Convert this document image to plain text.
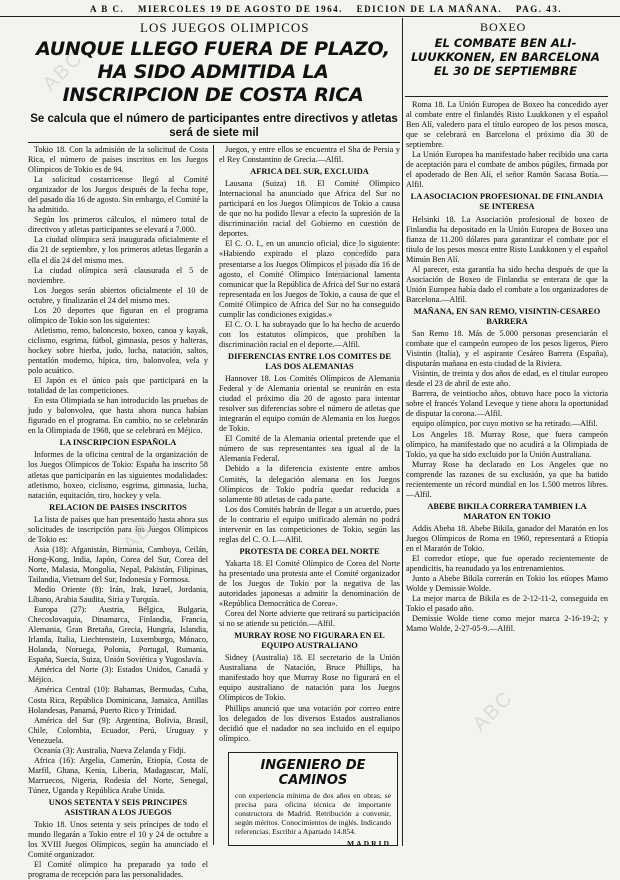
A B C. MIERCOLES 19 DE AGOSTO DE 1964. EDICION DE LA MAÑANA. PAG. 43.
LOS JUEGOS OLIMPICOS
AUNQUE LLEGO FUERA DE PLAZO, HA SIDO ADMITIDA LA INSCRIPCION DE COSTA RICA
Se calcula que el número de participantes entre directivos y atletas será de siete mil

Tokio 18. Con la admisión de la solicitud de Costa Rica, el número de países inscritos en los Juegos Olímpicos de Tokio es de 94.

La solicitud costarricense llegó al Comité organizador de los Juegos después de la fecha tope, del pasado día 16 de agosto. Sin embargo, el Comité la ha admitido.

Según los primeros cálculos, el número total de directivos y atletas participantes se elevará a 7.000.

La ciudad olímpica será inaugurada oficialmente el día 21 de septiembre, y los primeros atletas llegarán a ella el día 24 del mismo mes.

La ciudad olímpica será clausurada el 5 de noviembre.

Los Juegos serán abiertos oficialmente el 10 de octubre, y finalizarán el 24 del mismo mes.

Los 20 deportes que figuran en el programa olímpico de Tokio son los siguientes:

Atletismo, remo, baloncesto, boxeo, canoa y kayak, ciclismo, esgrima, fútbol, gimnasia, pesos y halteras, hockey sobre hierba, judo, lucha, natación, saltos, pentatlón moderno, hípica, tiro, balonvolea, vela y polo acuático.

El Japón es el único país que participará en la totalidad de las competiciones.

En esta Olimpiada se han introducido las pruebas de judo y balonvolea, que hasta ahora nunca habían figurado en el programa. En cambio, no se celebrarán en la Olimpiada de 1968, que se celebrará en Méjico.

LA INSCRIPCION ESPAÑOLA

Informes de la oficina central de la organización de los Juegos Olímpicos de Tokio: España ha inscrito 58 atletas que participarán en las siguientes modalidades: atletismo, boxeo, ciclismo, esgrima, gimnasia, lucha, natación, equitación, tiro, hockey y vela.

RELACION DE PAISES INSCRITOS

La lista de países que han presentado hasta ahora sus solicitudes de inscripción para los Juegos Olímpicos de Tokio es:

Asia (18): Afganistán, Birmania, Camboya, Ceilán, Hong-Kong, India, Japón, Corea del Sur, Corea del Norte, Malasia, Mongolia, Nepal, Pakistán, Filipinas, Tailandia, Vietnam del Sur, Indonesia y Formosa.

Medio Oriente (8): Irán, Irak, Israel, Jordania, Líbano, Arabia Saudita, Siria y Turquía.

Europa (27): Austria, Bélgica, Bulgaria, Checoslovaquia, Dinamarca, Finlandia, Francia, Alemania, Gran Bretaña, Grecia, Hungría, Islandia, Irlanda, Italia, Liechtenstein, Luxemburgo, Mónaco, Holanda, Noruega, Polonia, Portugal, Rumania, España, Suecia, Suiza, Unión Soviética y Yugoslavia.

América del Norte (3): Estados Unidos, Canadá y Méjico.

América Central (10): Bahamas, Bermudas, Cuba, Costa Rica, República Dominicana, Jamaica, Antillas Holandesas, Panamá, Puerto Rico y Trinidad.

América del Sur (9): Argentina, Bolivia, Brasil, Chile, Colombia, Ecuador, Perú, Uruguay y Venezuela.

Oceanía (3): Australia, Nueva Zelanda y Fidji.

Africa (16): Argelia, Camerún, Etiopía, Costa de Marfil, Ghana, Kenia, Liberia, Madagascar, Malí, Marruecos, Nigeria, Rodesia del Norte, Senegal, Túnez, Uganda y República Arabe Unida.

UNOS SETENTA Y SEIS PRINCIPES ASISTIRAN A LOS JUEGOS

Tokio 18. Unos setenta y seis príncipes de todo el mundo llegarán a Tokio entre el 10 y 24 de octubre a los XVIII Juegos Olímpicos, según ha anunciado el Comité organizador.

El Comité olímpico ha preparado ya todo el programa de recepción para las personalidades.

Juegos, y entre ellos se encuentra el Sha de Persia y el Rey Constantino de Grecia.—Alfil.

AFRICA DEL SUR, EXCLUIDA

Lausana (Suiza) 18. El Comité Olímpico Internacional ha anunciado que Africa del Sur no participará en los Juegos Olímpicos de Tokio a causa de que no ha podido llevar a efecto la supresión de la discriminación racial del Gobierno en cuestión de deportes.

El C. O. I., en un anuncio oficial, dice lo siguiente: «Habiendo expirado el plazo concedido para presentarse a los Juegos Olímpicos el pasado día 16 de agosto, el Comité Olímpico Internacional lamenta comunicar que la República de Africa del Sur no estará representada en los Juegos de Tokio, a causa de que el Comité Olímpico de Africa del Sur no ha conseguido cumplir las condiciones exigidas.»

El C. O. I. ha subrayado que lo ha hecho de acuerdo con los estatutos olímpicos, que prohíben la discriminación racial en el deporte.—Alfil.

DIFERENCIAS ENTRE LOS COMITES DE LAS DOS ALEMANIAS

Hannover 18. Los Comités Olímpicos de Alemania Federal y de Alemania oriental se reunirán en esta ciudad el próximo día 20 de agosto para intentar resolver sus diferencias sobre el número de atletas que integrarán el equipo común de Alemania en los Juegos de Tokio.

El Comité de la Alemania oriental pretende que el número de sus representantes sea igual al de la Alemania Federal.

Debido a la diferencia existente entre ambos Comités, la delegación alemana en los Juegos Olímpicos de Tokio podría quedar reducida a solamente 80 atletas de cada parte.

Los dos Comités habrán de llegar a un acuerdo, pues de lo contrario el equipo unificado alemán no podrá intervenir en las competiciones de Tokio, según las reglas del C. O. I.—Alfil.

PROTESTA DE COREA DEL NORTE

Yakarta 18. El Comité Olímpico de Corea del Norte ha presentado una protesta ante el Comité organizador de los Juegos de Tokio por la negativa de las autoridades japonesas a admitir la denominación de «República Democrática de Corea».

Corea del Norte advierte que retirará su participación si no se atiende su petición.—Alfil.

MURRAY ROSE NO FIGURARA EN EL EQUIPO AUSTRALIANO

Sidney (Australia) 18. El secretario de la Unión Australiana de Natación, Bruce Phillips, ha manifestado hoy que Murray Rose no figurará en el equipo australiano de natación para los Juegos Olímpicos de Tokio.

Phillips anunció que una votación por correo entre los delegados de los diversos Estados australianos decidió que el nadador no sea incluido en el equipo olímpico.

INGENIERO DE CAMINOS
con experiencia mínima de dos años en obras, se precisa para oficina técnica de importante constructora de Madrid. Retribución a convenir, según méritos. Conocimientos de inglés. Indicando referencias. Escribir a Apartado 14.854.
MADRID
BOXEO
EL COMBATE BEN ALI-LUUKKONEN, EN BARCELONA EL 30 DE SEPTIEMBRE

Roma 18. La Unión Europea de Boxeo ha concedido ayer al combate entre el finlandés Risto Luukkonen y el español Ben Alí, valedero para el título europeo de los pesos mosca, que se celebrará en Barcelona el próximo día 30 de septiembre.

La Unión Europea ha manifestado haber recibido una carta de aceptación para el combate de ambos púgiles, firmada por el apoderado de Ben Alí, el señor Ramón Sacasa Botía.—Alfil.

LA ASOCIACION PROFESIONAL DE FINLANDIA SE INTERESA

Helsinki 18. La Asociación profesional de boxeo de Finlandia ha depositado en la Unión Europea de Boxeo una fianza de 11.200 dólares para garantizar el combate por el título de los pesos mosca entre Risto Luukkonen y el español Mimún Ben Alí.

Al parecer, esta garantía ha sido hecha después de que la Asociación de Boxeo de Finlandia se enterara de que la Unión Europea había dado el combate a los organizadores de Barcelona.—Alfil.

MAÑANA, EN SAN REMO, VISINTIN-CESAREO BARRERA

San Remo 18. Más de 5.000 personas presenciarán el combate que el campeón europeo de los pesos ligeros, Piero Visintin (Italia), y el aspirante Cesáreo Barrera (España), disputarán mañana en esta ciudad de la Riviera.

Visintin, de treinta y dos años de edad, es el titular europeo desde el 23 de abril de este año.

Barrera, de veintiocho años, obtuvo hace poco la victoria sobre el francés Yoland Leveque y tiene ahora la oportunidad de disputar la corona.—Alfil.

equipo olímpico, por cuyo motivo se ha retirado.—Alfil.

Los Angeles 18. Murray Rose, que fuera campeón olímpico, ha manifestado que no acudirá a la Olimpiada de Tokio, ya que ha sido excluido por la Unión Australiana.

Murray Rose ha declarado en Los Angeles que no comprende las razones de su exclusión, ya que ha batido recientemente un récord mundial en los 1.500 metros libres.—Alfil.

ABEBE BIKILA CORRERA TAMBIEN LA MARATON EN TOKIO

Addis Abeba 18. Abebe Bikila, ganador del Maratón en los Juegos Olímpicos de Roma en 1960, representará a Etiopía en el Maratón de Tokio.

El corredor etíope, que fue operado recientemente de apendicitis, ha reanudado ya los entrenamientos.

Junto a Abebe Bikila correrán en Tokio los etíopes Mamo Wolde y Demissie Wolde.

La mejor marca de Bikila es de 2-12-11-2, conseguida en Tokio el pasado año.

Demissie Wolde tiene como mejor marca 2-16-19-2; y Mamo Wolde, 2-27-05-9.—Alfil.

ABC
ABC
ABC
ABC
